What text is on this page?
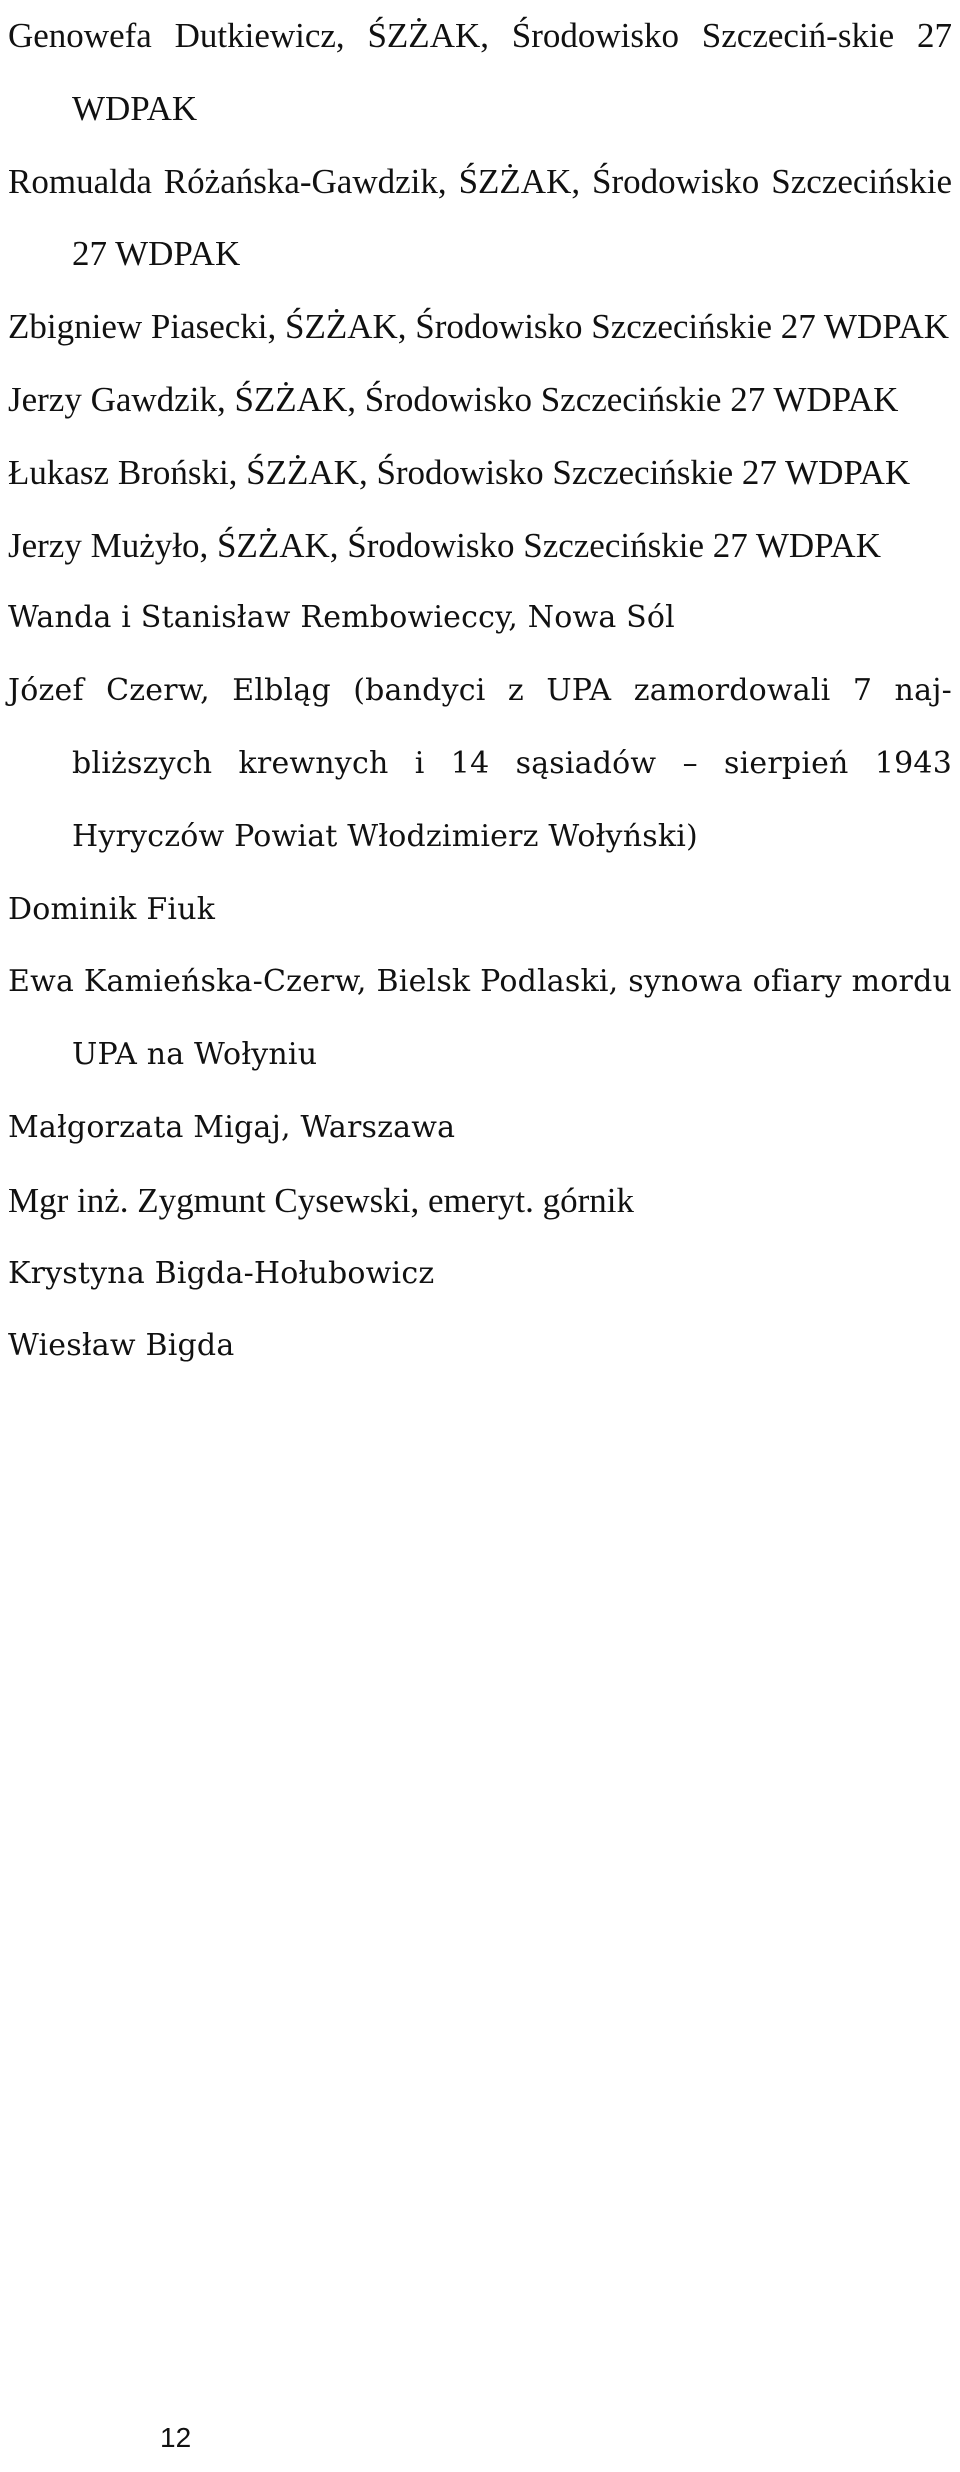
Genowefa Dutkiewicz, ŚZŻAK, Środowisko Szczeciń-skie 27 WDPAK
Romualda Różańska-Gawdzik, ŚZŻAK, Środowisko Szczecińskie 27 WDPAK
Zbigniew Piasecki, ŚZŻAK, Środowisko Szczecińskie 27 WDPAK
Jerzy Gawdzik, ŚZŻAK, Środowisko Szczecińskie 27 WDPAK
Łukasz Broński, ŚZŻAK, Środowisko Szczecińskie 27 WDPAK
Jerzy Mużyło, ŚZŻAK, Środowisko Szczecińskie 27 WDPAK
Wanda i Stanisław Rembowieccy, Nowa Sól
Józef Czerw, Elbląg (bandyci z UPA zamordowali 7 naj-bliższych krewnych i 14 sąsiadów – sierpień 1943 Hyryczów Powiat Włodzimierz Wołyński)
Dominik Fiuk
Ewa Kamieńska-Czerw, Bielsk Podlaski, synowa ofiary mordu UPA na Wołyniu
Małgorzata Migaj, Warszawa
Mgr inż. Zygmunt Cysewski, emeryt. górnik
Krystyna Bigda-Hołubowicz
Wiesław Bigda
12
